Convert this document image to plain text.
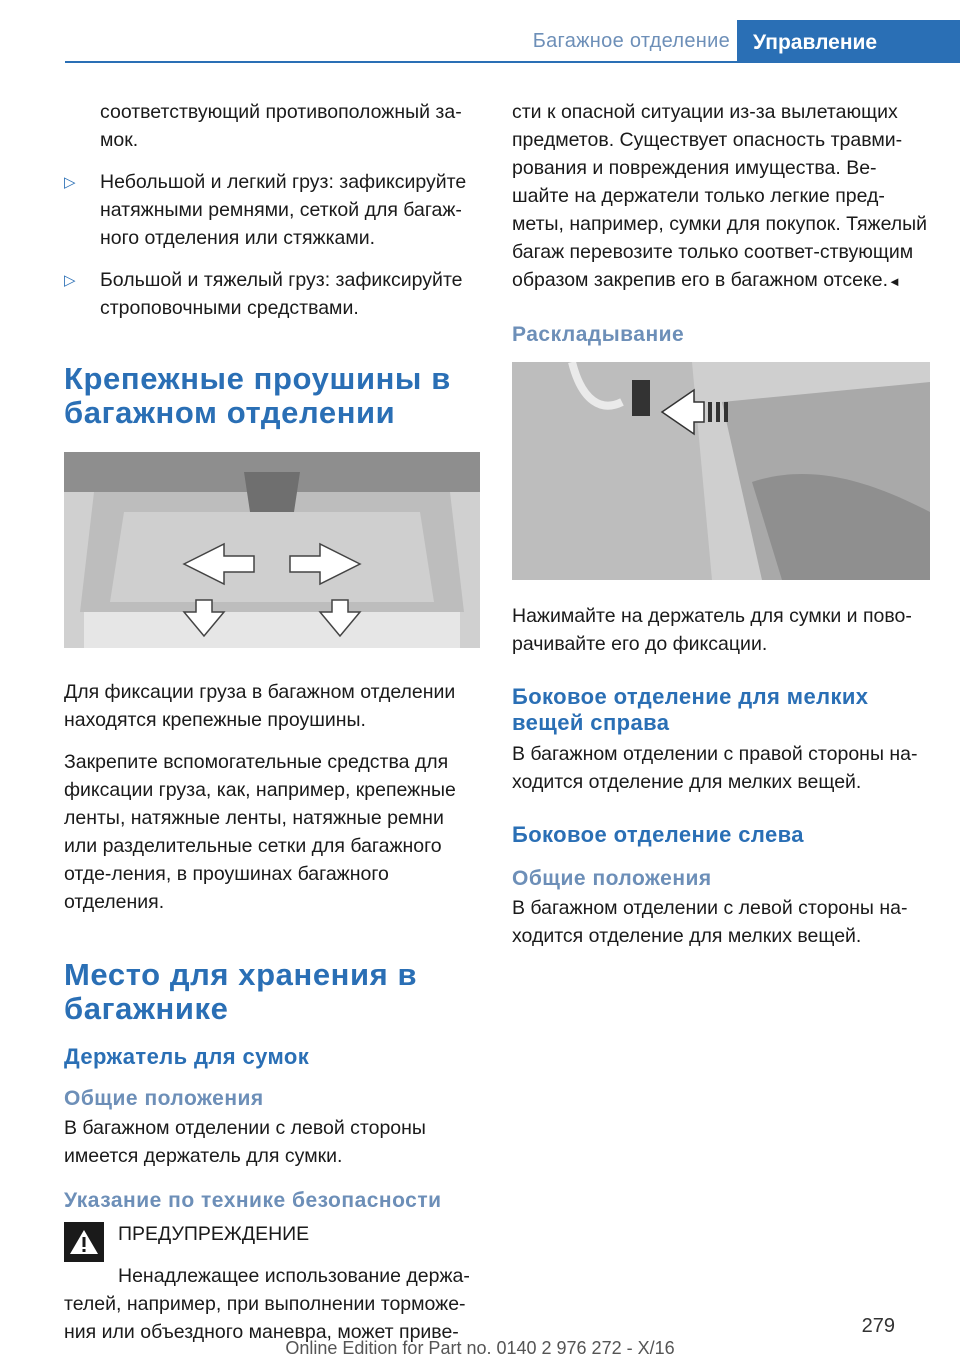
Багажное отделение	Управление

соответствующий противоположный за-мок.

▷	Небольшой и легкий груз: зафиксируйте натяжными ремнями, сеткой для багаж-ного отделения или стяжками.
▷	Большой и тяжелый груз: зафиксируйте строповочными средствами.
Крепежные проушины в багажном отделении

Для фиксации груза в багажном отделении находятся крепежные проушины.

Закрепите вспомогательные средства для фиксации груза, как, например, крепежные ленты, натяжные ленты, натяжные ремни или разделительные сетки для багажного отде-ления, в проушинах багажного отделения.

Место для хранения в багажнике
Держатель для сумок
Общие положения

В багажном отделении с левой стороны имеется держатель для сумки.

Указание по технике безопасности
ПРЕДУПРЕЖДЕНИЕ

Ненадлежащее использование держа-телей, например, при выполнении торможе-ния или объездного маневра, может приве-

сти к опасной ситуации из-за вылетающих предметов. Существует опасность травми-рования и повреждения имущества. Ве-шайте на держатели только легкие пред-меты, например, сумки для покупок. Тяжелый багаж перевозите только соответ-ствующим образом закрепив его в багажном отсеке.◄

Раскладывание

Нажимайте на держатель для сумки и пово-рачивайте его до фиксации.

Боковое отделение для мелких вещей справа

В багажном отделении с правой стороны на-ходится отделение для мелких вещей.

Боковое отделение слева
Общие положения

В багажном отделении с левой стороны на-ходится отделение для мелких вещей.

279
Online Edition for Part no. 0140 2 976 272 - X/16
